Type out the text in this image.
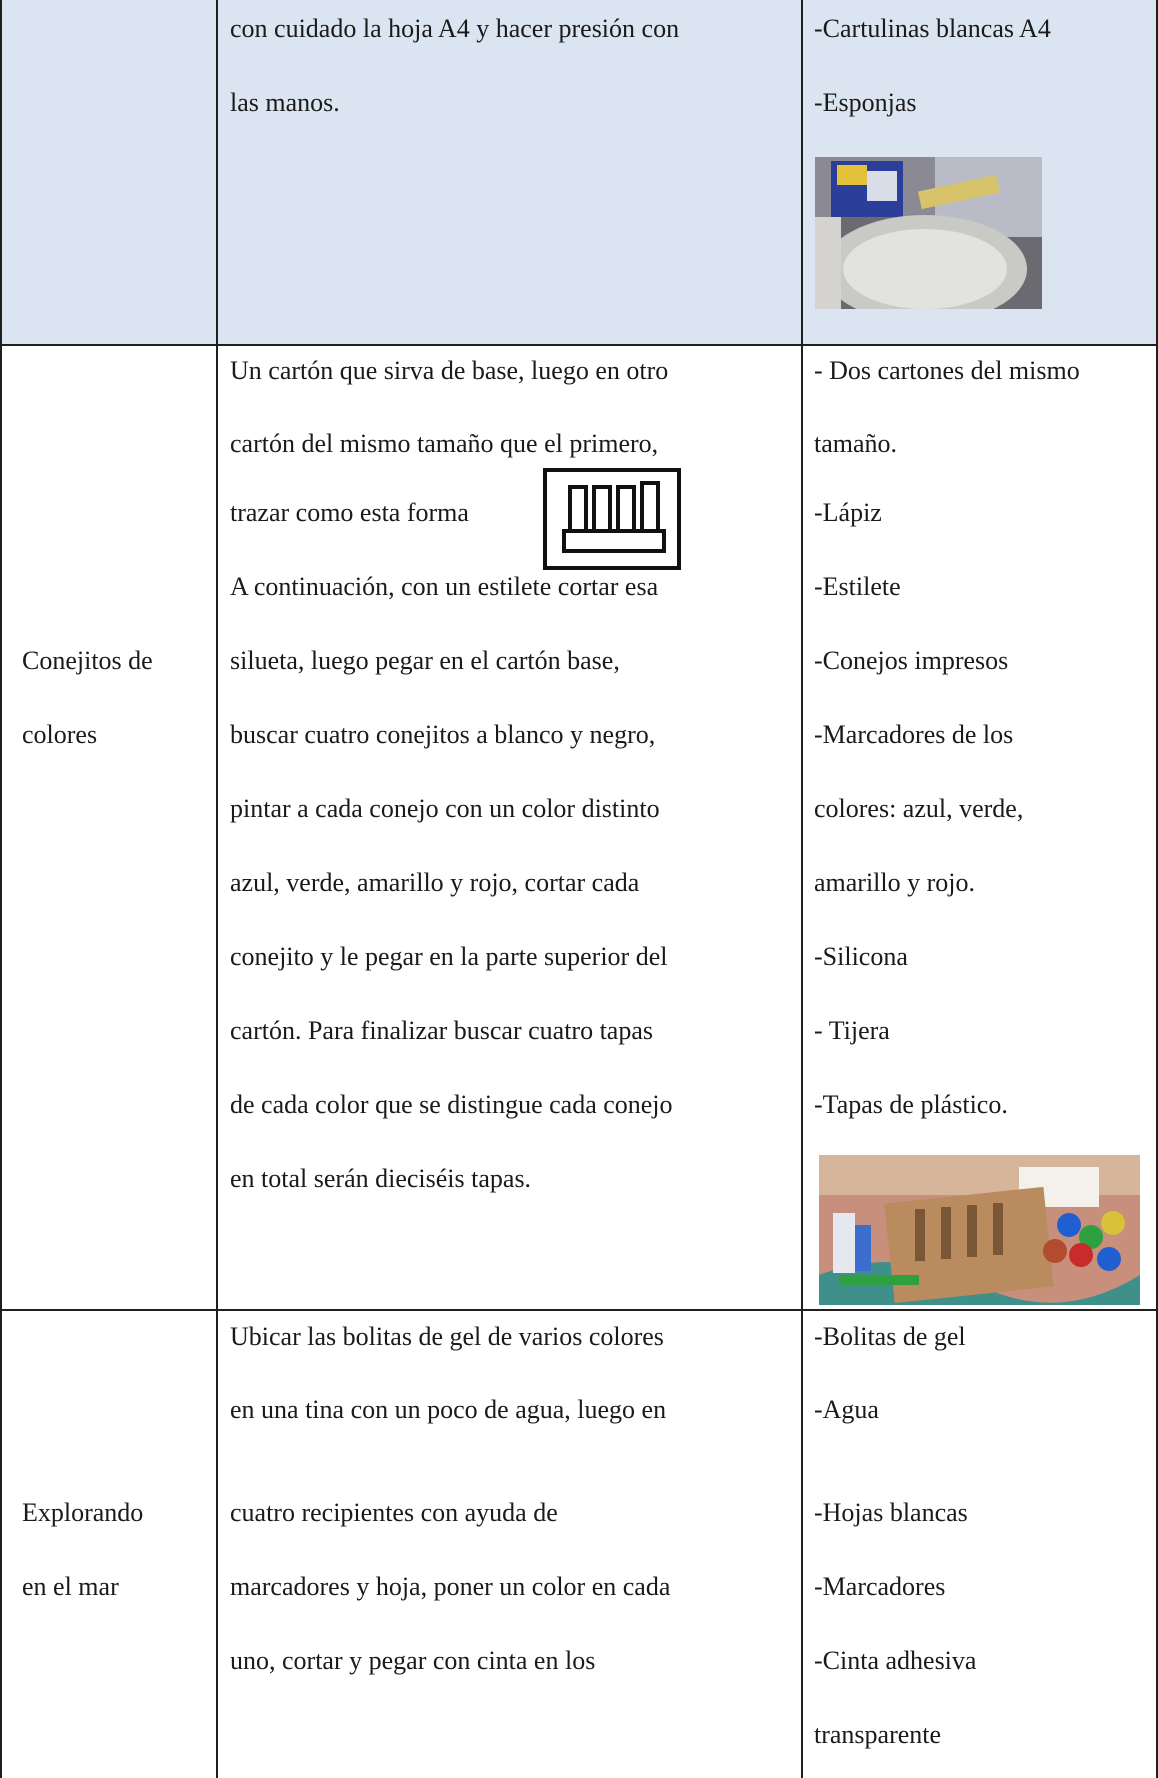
con cuidado la hoja A4 y hacer presión con
las manos.
-Cartulinas blancas A4
-Esponjas
Conejitos de
colores
Un cartón que sirva de base, luego en otro
cartón del mismo tamaño que el primero,
trazar como esta forma
A continuación, con un estilete cortar esa
silueta, luego pegar en el cartón base,
buscar cuatro conejitos a blanco y negro,
pintar a cada conejo con un color distinto
azul, verde, amarillo y rojo, cortar cada
conejito y le pegar en la parte superior del
cartón. Para finalizar buscar cuatro tapas
de cada color que se distingue cada conejo
en total serán dieciséis tapas.
- Dos cartones del mismo
tamaño.
-Lápiz
-Estilete
-Conejos impresos
-Marcadores de los
colores: azul, verde,
amarillo y rojo.
-Silicona
- Tijera
-Tapas de plástico.
Explorando
en el mar
Ubicar las bolitas de gel de varios colores
en una tina con un poco de agua, luego en
cuatro recipientes con ayuda de
marcadores y hoja, poner un color en cada
uno, cortar y pegar con cinta en los
-Bolitas de gel
-Agua
-Hojas blancas
-Marcadores
-Cinta adhesiva
transparente
